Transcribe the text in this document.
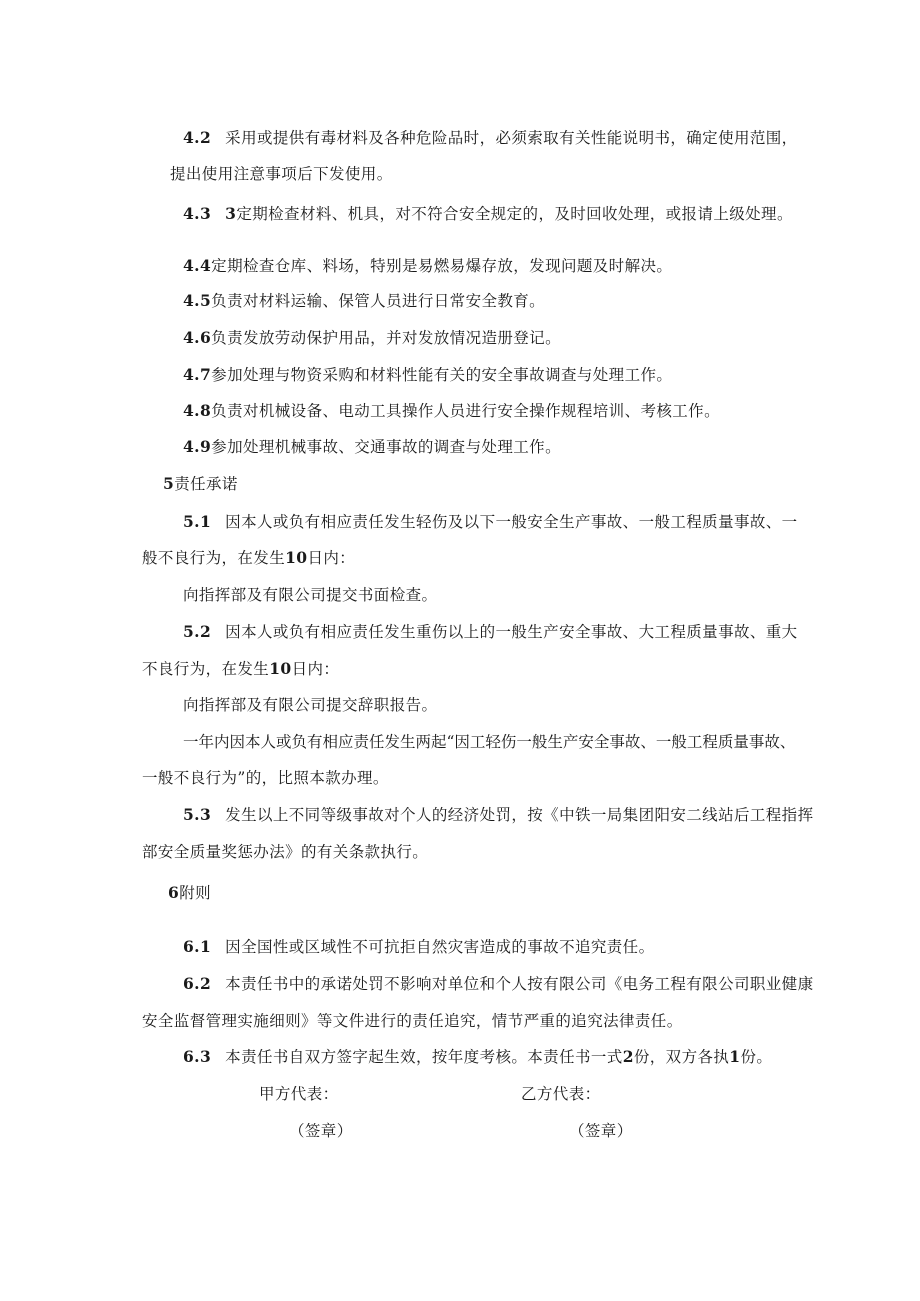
4.2 采用或提供有毒材料及各种危险品时，必须索取有关性能说明书，确定使用范围，
提出使用注意事项后下发使用。
4.3 3定期检查材料、机具，对不符合安全规定的，及时回收处理，或报请上级处理。
4.4定期检查仓库、料场，特别是易燃易爆存放，发现问题及时解决。
4.5负责对材料运输、保管人员进行日常安全教育。
4.6负责发放劳动保护用品，并对发放情况造册登记。
4.7参加处理与物资采购和材料性能有关的安全事故调查与处理工作。
4.8负责对机械设备、电动工具操作人员进行安全操作规程培训、考核工作。
4.9参加处理机械事故、交通事故的调查与处理工作。
5责任承诺
5.1 因本人或负有相应责任发生轻伤及以下一般安全生产事故、一般工程质量事故、一
般不良行为，在发生10日内：
向指挥部及有限公司提交书面检查。
5.2 因本人或负有相应责任发生重伤以上的一般生产安全事故、大工程质量事故、重大
不良行为，在发生10日内：
向指挥部及有限公司提交辞职报告。
一年内因本人或负有相应责任发生两起“因工轻伤一般生产安全事故、一般工程质量事故、
一般不良行为”的，比照本款办理。
5.3 发生以上不同等级事故对个人的经济处罚，按《中铁一局集团阳安二线站后工程指挥
部安全质量奖惩办法》的有关条款执行。
6附则
6.1 因全国性或区域性不可抗拒自然灾害造成的事故不追究责任。
6.2 本责任书中的承诺处罚不影响对单位和个人按有限公司《电务工程有限公司职业健康
安全监督管理实施细则》等文件进行的责任追究，情节严重的追究法律责任。
6.3 本责任书自双方签字起生效，按年度考核。本责任书一式2份，双方各执1份。
甲方代表：	乙方代表：
（签章）	（签章）
